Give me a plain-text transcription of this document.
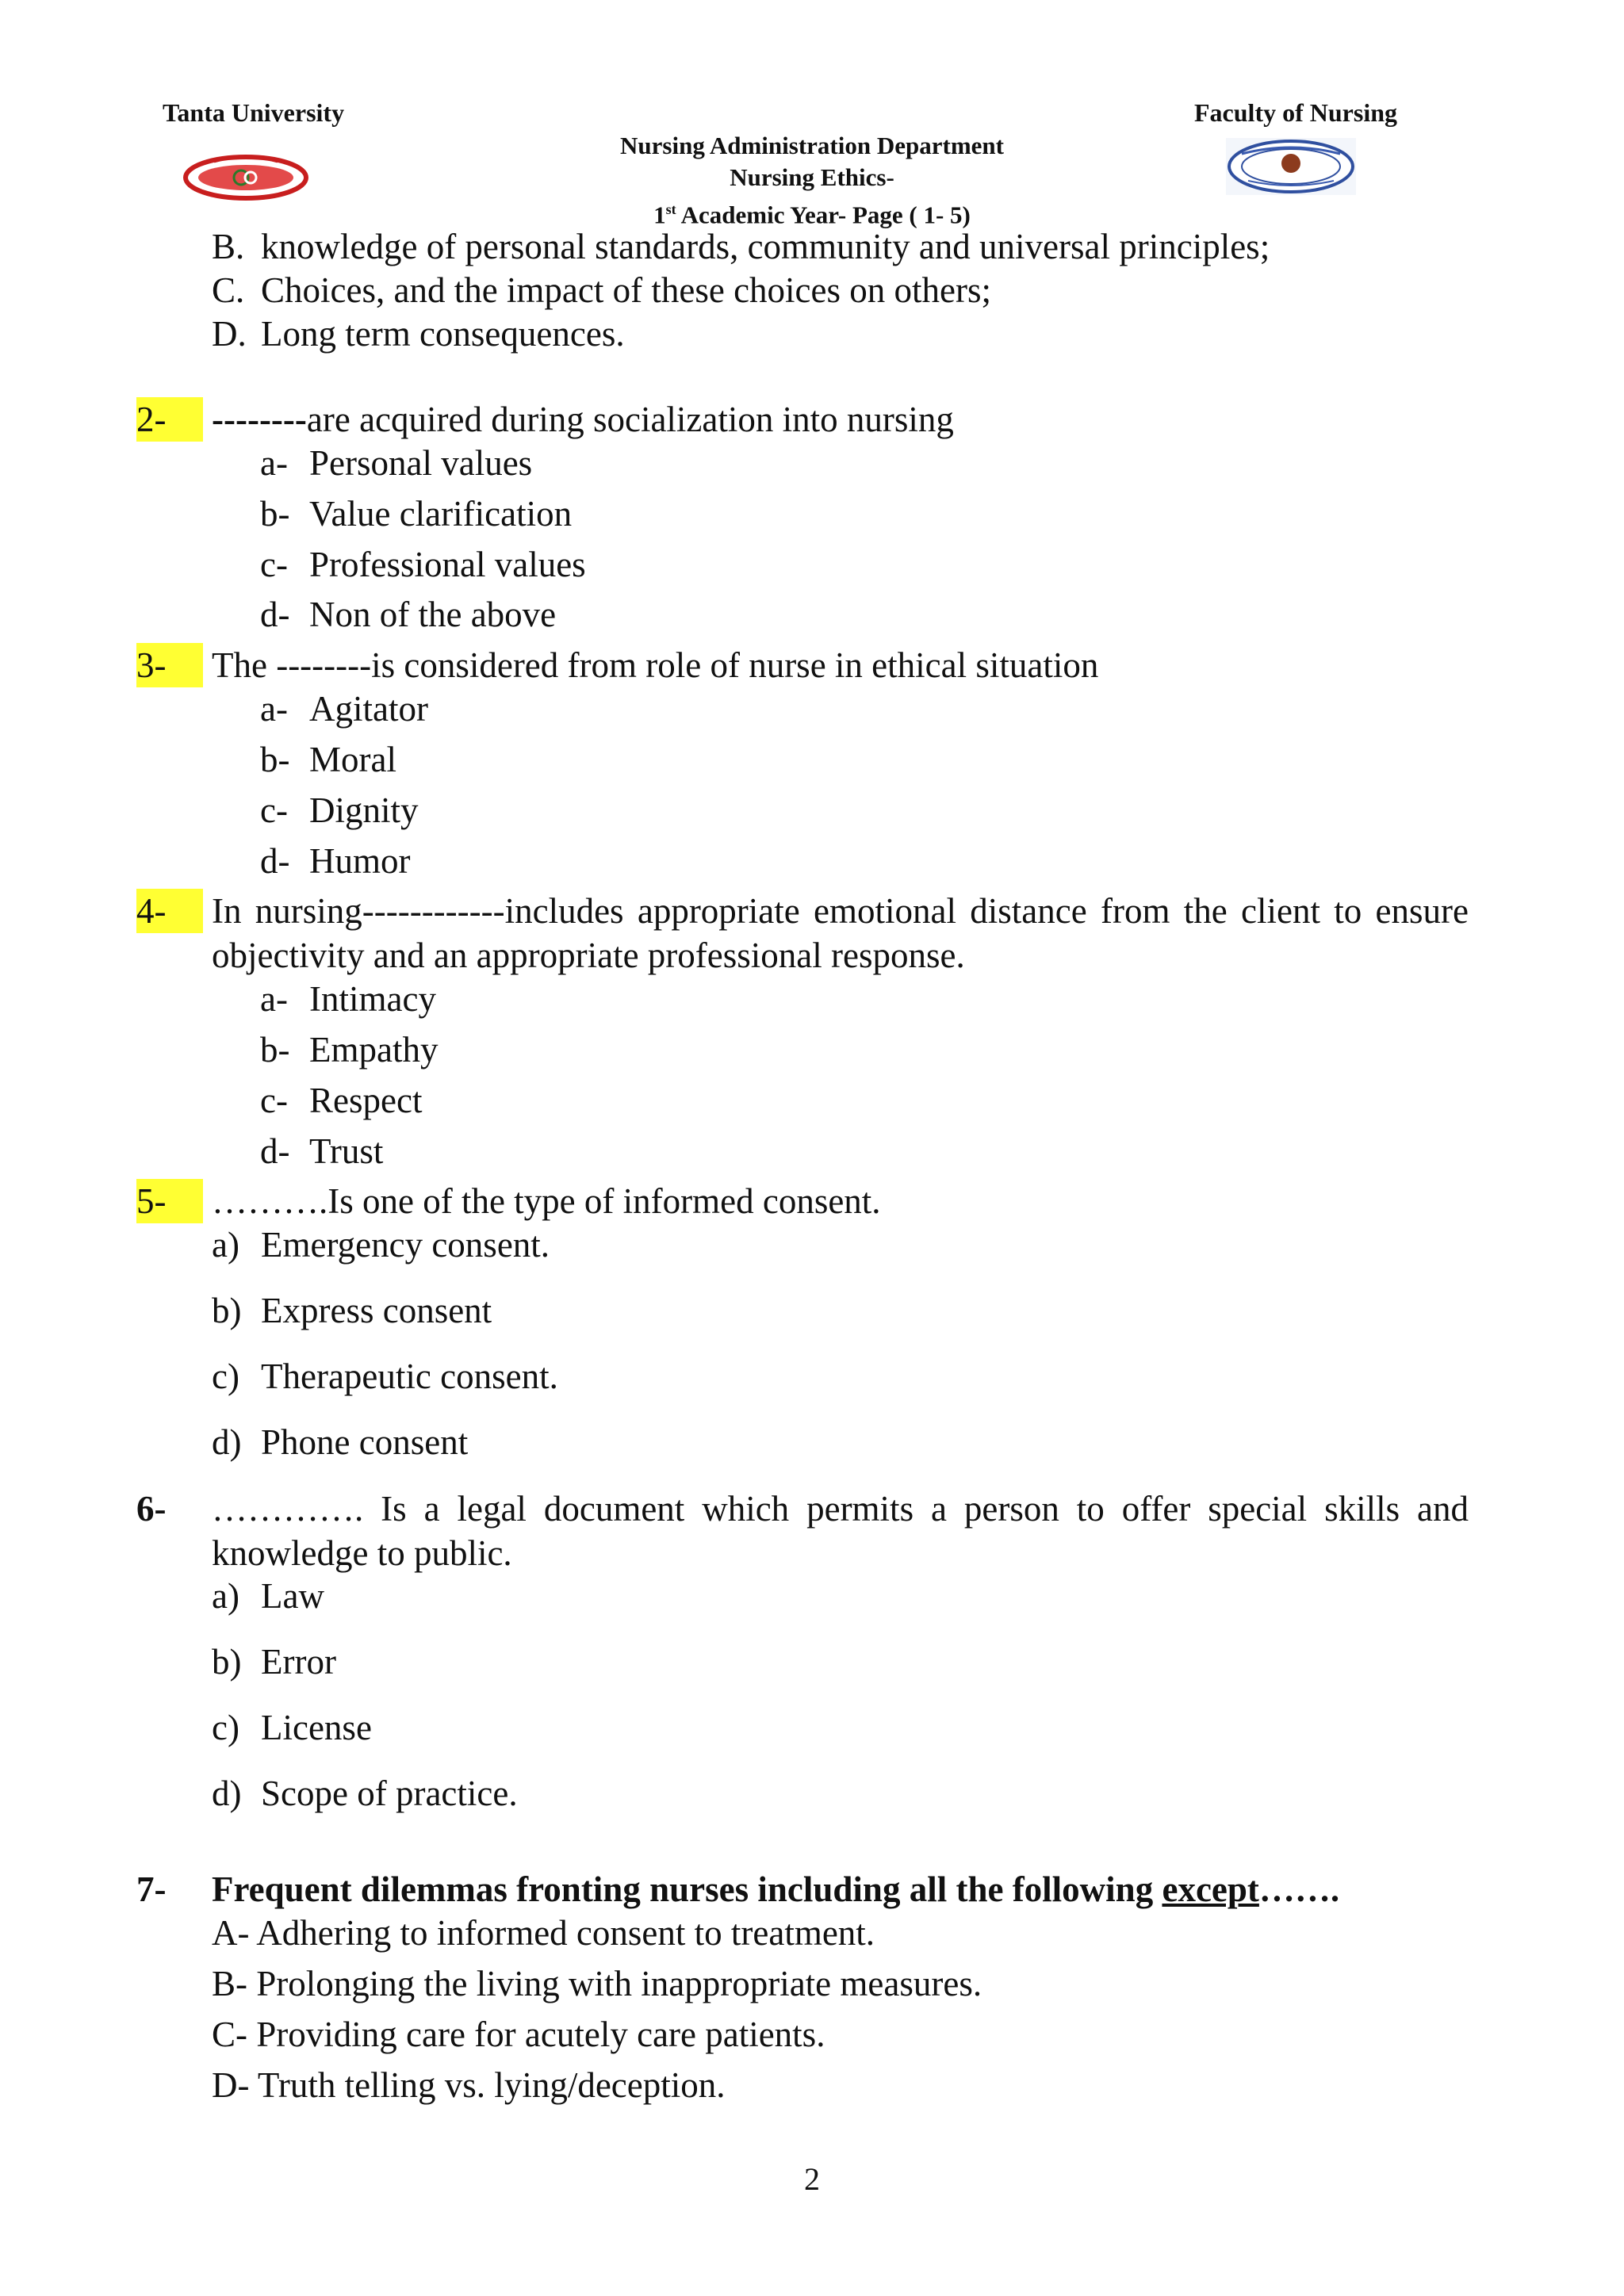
Tanta University	Faculty of Nursing
Nursing Administration Department
Nursing Ethics-
1st Academic Year- Page ( 1- 5)
B. knowledge of personal standards, community and universal principles;
C. Choices, and the impact of these choices on others;
D. Long term consequences.
2-	--------are acquired during socialization into nursing
a- Personal values
b- Value clarification
c- Professional values
d- Non of the above
3-	The --------is considered from role of nurse in ethical situation
a- Agitator
b- Moral
c- Dignity
d- Humor
4-	In nursing------------includes appropriate emotional distance from the client to ensure objectivity and an appropriate professional response.
a- Intimacy
b- Empathy
c- Respect
d- Trust
5-	……….Is one of the type of informed consent.
a) Emergency consent.
b) Express consent
c) Therapeutic consent.
d) Phone consent
6- …………. Is a legal document which permits a person to offer special skills and knowledge to public.
a) Law
b) Error
c) License
d) Scope of practice.
7- Frequent dilemmas fronting nurses including all the following except…….
A- Adhering to informed consent to treatment.
B- Prolonging the living with inappropriate measures.
C- Providing care for acutely care patients.
D- Truth telling vs. lying/deception.
2
